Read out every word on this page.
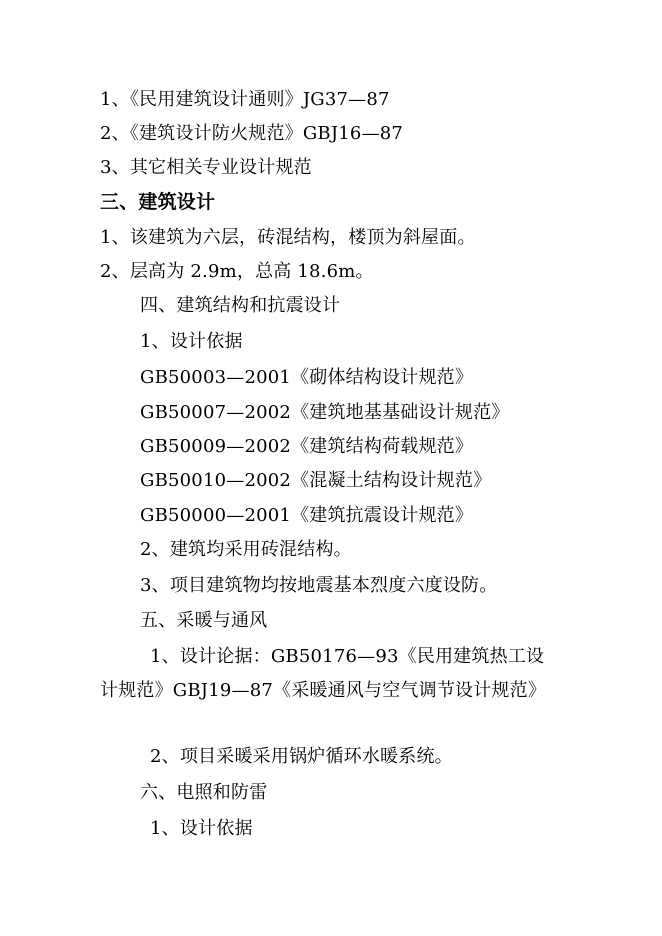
1、《民用建筑设计通则》JG37—87
2、《建筑设计防火规范》GBJ16—87
3、其它相关专业设计规范
三、建筑设计
1、该建筑为六层，砖混结构，楼顶为斜屋面。
2、层高为 2.9m，总高 18.6m。
四、建筑结构和抗震设计
1、设计依据
GB50003—2001《砌体结构设计规范》
GB50007—2002《建筑地基基础设计规范》
GB50009—2002《建筑结构荷载规范》
GB50010—2002《混凝土结构设计规范》
GB50000—2001《建筑抗震设计规范》
2、建筑均采用砖混结构。
3、项目建筑物均按地震基本烈度六度设防。
五、采暖与通风
1、设计论据：GB50176—93《民用建筑热工设
计规范》GBJ19—87《采暖通风与空气调节设计规范》
2、项目采暖采用锅炉循环水暖系统。
六、电照和防雷
1、设计依据
